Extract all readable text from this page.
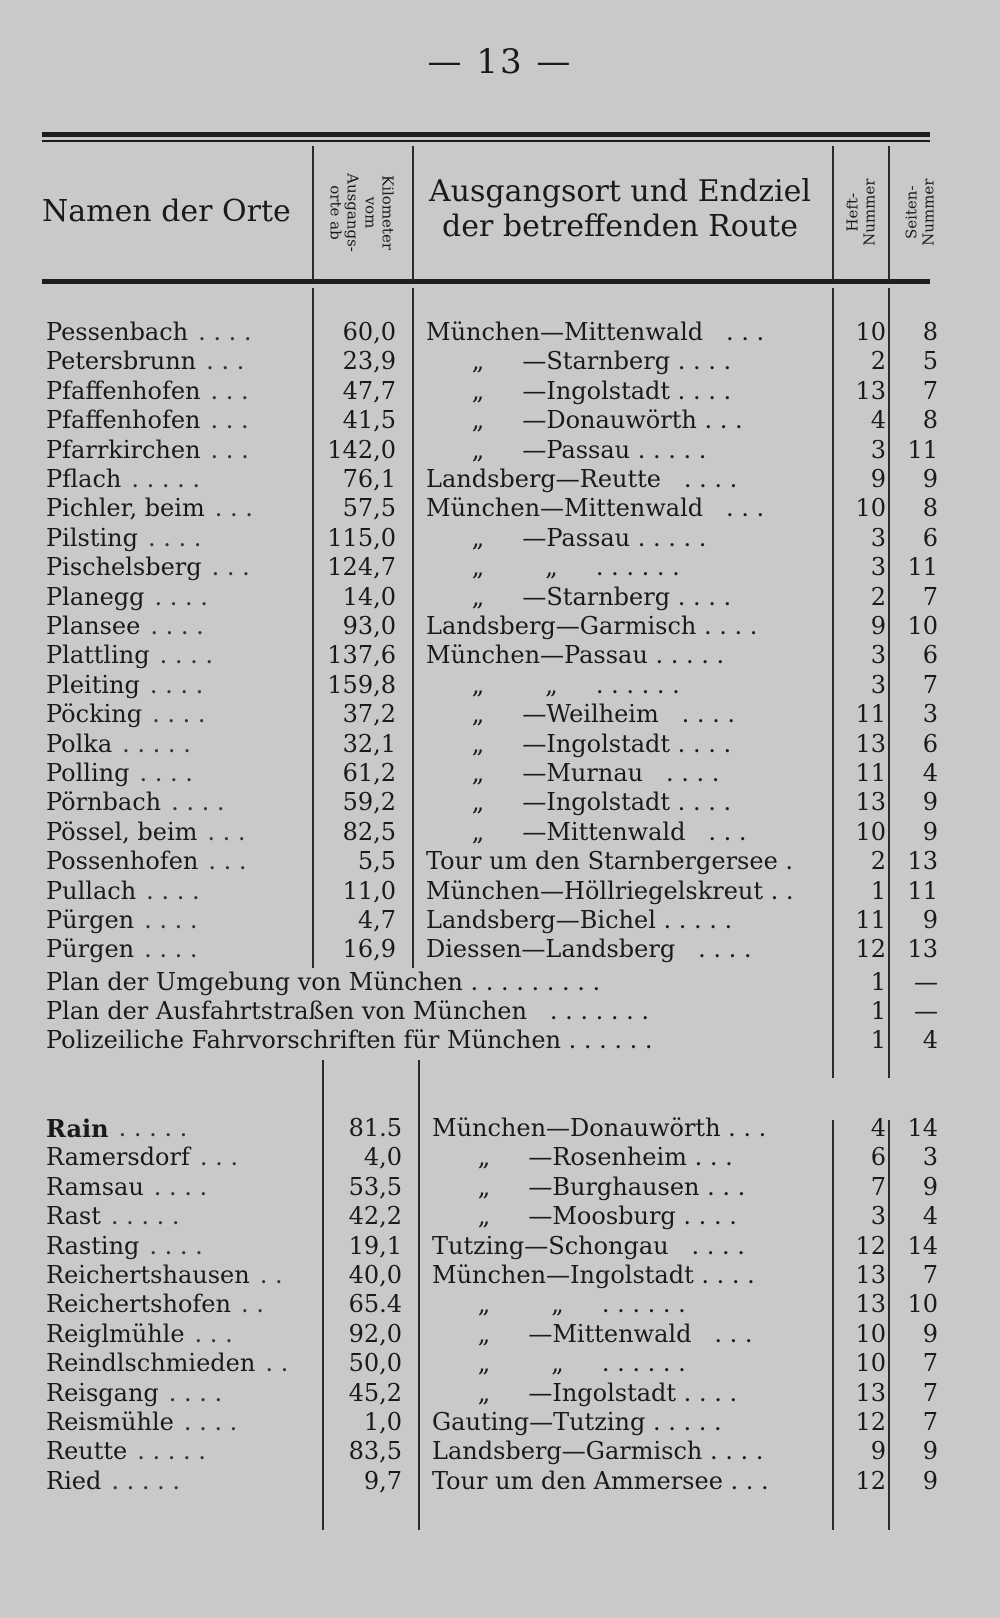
— 13 —
Namen der Orte	Kilometer
vom
Ausgangs-
orte ab
Ausgangsort und Endziel
der betreffenden Route	Heft-
Nummer Seiten-
Nummer
Pessenbach . . . .	60,0 München—Mittenwald   . . .	10	8
Petersbrunn . . .	23,9 „     —Starnberg . . . .	2	5
Pfaffenhofen . . .	47,7 „     —Ingolstadt . . . .	13	7
Pfaffenhofen . . .	41,5 „     —Donauwörth . . .	4	8
Pfarrkirchen . . .	142,0 „     —Passau . . . . .	3 11
Pflach . . . . .	76,1 Landsberg—Reutte   . . . .	9	9
Pichler, beim . . .	57,5 München—Mittenwald   . . .	10	8
Pilsting . . . .	115,0 „     —Passau . . . . .	3	6
Pischelsberg . . .	124,7 „        „     . . . . . .	3 11
Planegg . . . .	14,0 „     —Starnberg . . . .	2	7
Plansee . . . .	93,0 Landsberg—Garmisch . . . .	9 10
Plattling . . . .	137,6 München—Passau . . . . .	3	6
Pleiting . . . .	159,8 „        „     . . . . . .	3	7
Pöcking . . . .	37,2 „     —Weilheim   . . . .	11	3
Polka . . . . .	32,1 „     —Ingolstadt . . . .	13	6
Polling . . . .	61,2 „     —Murnau   . . . .	11	4
Pörnbach . . . .	59,2 „     —Ingolstadt . . . .	13	9
Pössel, beim . . .	82,5 „     —Mittenwald   . . .	10	9
Possenhofen . . .	5,5 Tour um den Starnbergersee .	2 13
Pullach . . . .	11,0 München—Höllriegelskreut . .	1 11
Pürgen . . . .	4,7 Landsberg—Bichel . . . . .	11	9
Pürgen . . . .	16,9 Diessen—Landsberg   . . . .	12 13
Plan der Umgebung von München . . . . . . . . .	1	—
Plan der Ausfahrtstraßen von München   . . . . . . .	1	—
Polizeiliche Fahrvorschriften für München . . . . . .	1	4
Rain . . . . .	81.5 München—Donauwörth . . .	4 14
Ramersdorf . . .	4,0 „     —Rosenheim . . .	6	3
Ramsau . . . .	53,5 „     —Burghausen . . .	7	9
Rast . . . . .	42,2 „     —Moosburg . . . .	3	4
Rasting . . . .	19,1 Tutzing—Schongau   . . . .	12 14
Reichertshausen . .	40,0 München—Ingolstadt . . . .	13	7
Reichertshofen . .	65.4 „        „     . . . . . .	13 10
Reiglmühle . . .	92,0 „     —Mittenwald   . . .	10	9
Reindlschmieden . .	50,0 „        „     . . . . . .	10	7
Reisgang . . . .	45,2 „     —Ingolstadt . . . .	13	7
Reismühle . . . .	1,0 Gauting—Tutzing . . . . .	12	7
Reutte . . . . .	83,5 Landsberg—Garmisch . . . .	9	9
Ried . . . . .	9,7 Tour um den Ammersee . . .	12	9
